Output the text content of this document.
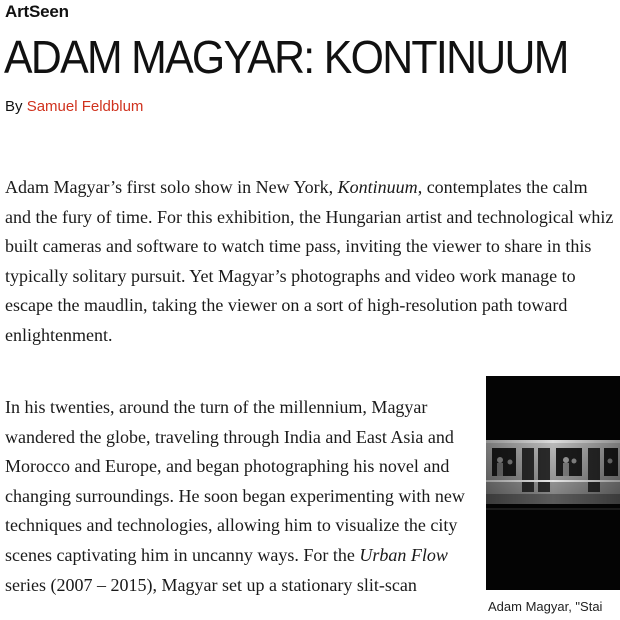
ArtSeen
ADAM MAGYAR: KONTINUUM
By Samuel Feldblum

Adam Magyar’s first solo show in New York, Kontinuum, contemplates the calm and the fury of time. For this exhibition, the Hungarian artist and technological whiz built cameras and software to watch time pass, inviting the viewer to share in this typically solitary pursuit. Yet Magyar’s photographs and video work manage to escape the maudlin, taking the viewer on a sort of high-resolution path toward enlightenment.

In his twenties, around the turn of the millennium, Magyar wandered the globe, traveling through India and East Asia and Morocco and Europe, and began photographing his novel and changing surroundings. He soon began experimenting with new techniques and technologies, allowing him to visualize the city scenes captivating him in uncanny ways. For the Urban Flow series (2007 – 2015), Magyar set up a stationary slit-scan

Adam Magyar, "Stai
